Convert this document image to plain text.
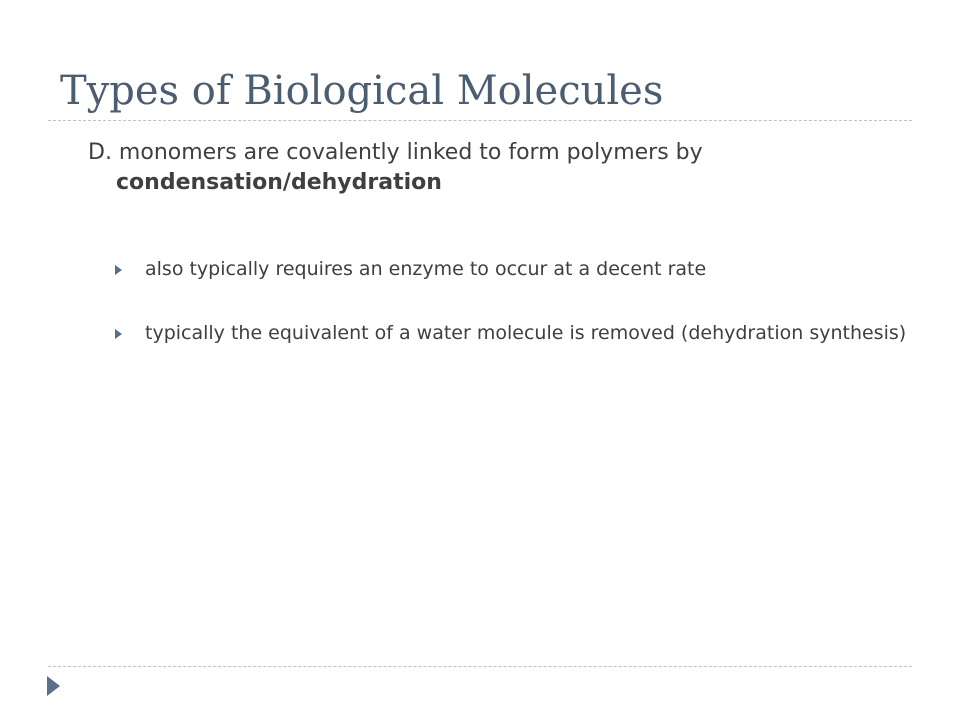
Types of Biological Molecules

D. monomers are covalently linked to form polymers by condensation/dehydration

also typically requires an enzyme to occur at a decent rate
typically the equivalent of a water molecule is removed (dehydration synthesis)
